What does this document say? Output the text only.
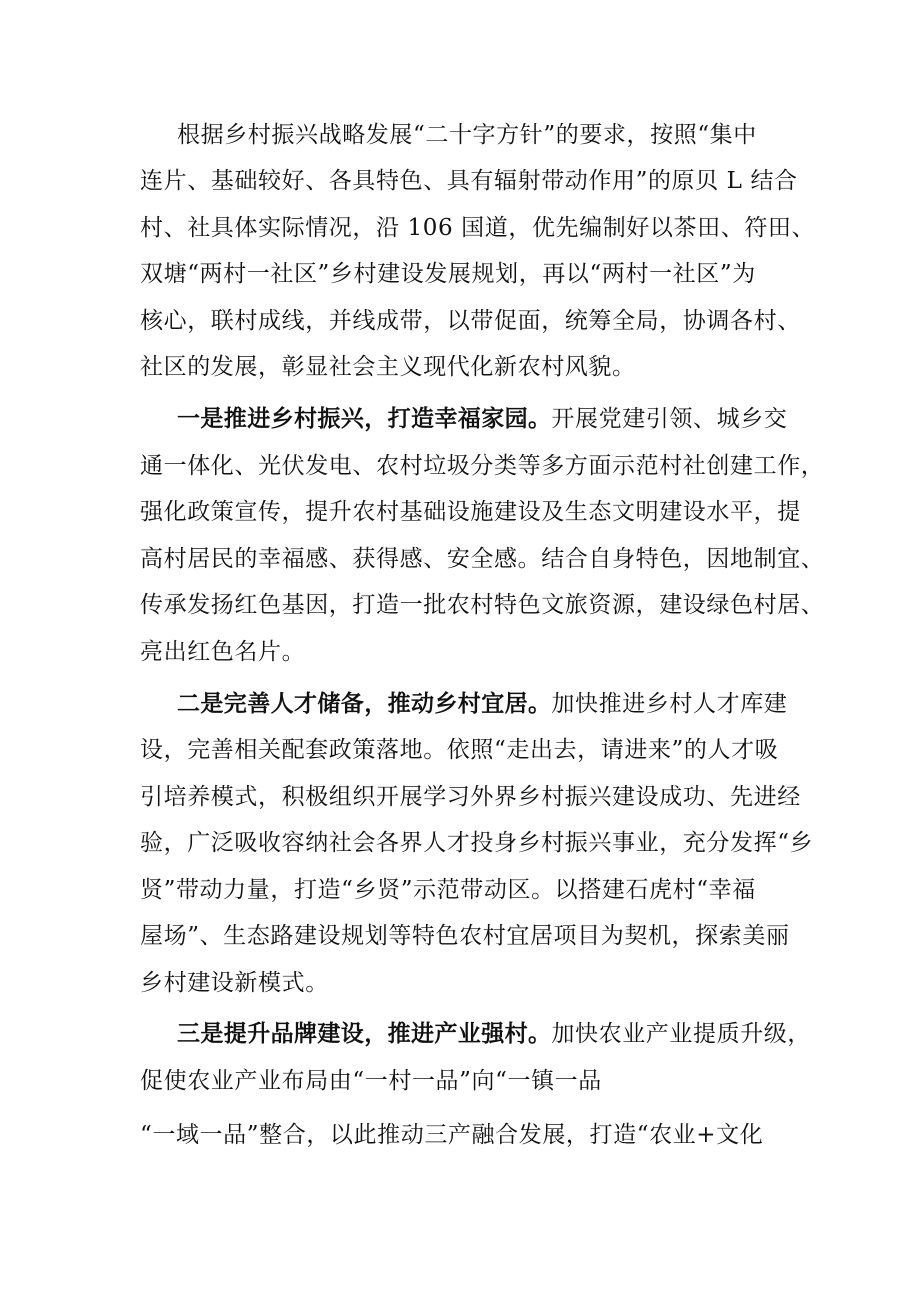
根据乡村振兴战略发展“二十字方针”的要求，按照“集中
连片、基础较好、各具特色、具有辐射带动作用”的原贝 L 结合
村、社具体实际情况，沿 106 国道，优先编制好以茶田、符田、
双塘“两村一社区”乡村建设发展规划，再以“两村一社区”为
核心，联村成线，并线成带，以带促面，统筹全局，协调各村、
社区的发展，彰显社会主义现代化新农村风貌。
一是推进乡村振兴，打造幸福家园。开展党建引领、城乡交
通一体化、光伏发电、农村垃圾分类等多方面示范村社创建工作，
强化政策宣传，提升农村基础设施建设及生态文明建设水平，提
高村居民的幸福感、获得感、安全感。结合自身特色，因地制宜、
传承发扬红色基因，打造一批农村特色文旅资源，建设绿色村居、
亮出红色名片。
二是完善人才储备，推动乡村宜居。加快推进乡村人才库建
设，完善相关配套政策落地。依照“走出去，请进来”的人才吸
引培养模式，积极组织开展学习外界乡村振兴建设成功、先进经
验，广泛吸收容纳社会各界人才投身乡村振兴事业，充分发挥“乡
贤”带动力量，打造“乡贤”示范带动区。以搭建石虎村“幸福
屋场”、生态路建设规划等特色农村宜居项目为契机，探索美丽
乡村建设新模式。
三是提升品牌建设，推进产业强村。加快农业产业提质升级，
促使农业产业布局由“一村一品”向“一镇一品
“一域一品”整合，以此推动三产融合发展，打造“农业+文化
